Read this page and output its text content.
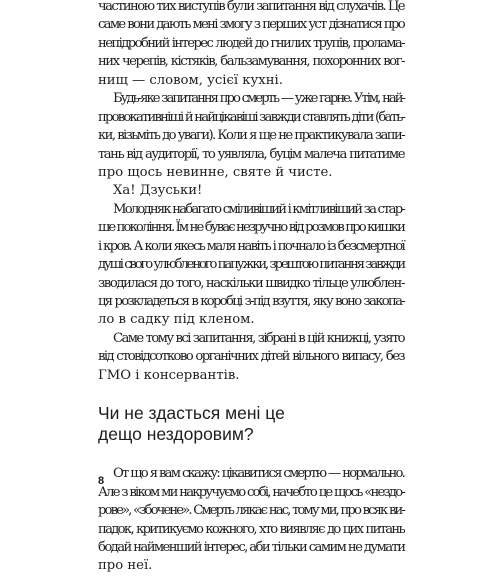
частиною тих виступів були запитання від слухачів. Це
саме вони дають мені змогу з перших уст дізнатися про
непідробний інтерес людей до гнилих трупів, пролама-
них черепів, кістяків, бальзамування, похоронних вог-
нищ — словом, усієї кухні.

Будь-яке запитання про смерть — уже гарне. Утім, най-
провокативніші й найцікавіші завжди ставлять діти (бать-
ки, візьміть до уваги). Коли я ще не практикувала запи-
тань від аудиторії, то уявляла, буцім малеча питатиме
про щось невинне, святе й чисте.

Ха! Дзуськи!

Молодняк набагато сміливіший і кмітливіший за стар-
ше покоління. Їм не буває незручно від розмов про кишки
і кров. А коли якесь маля навіть і почнало із безсмертної
душі свого улюбленого папужки, зрештою питання завжди
зводилася до того, наскільки швидко тільце улюблен-
ця розкладеться в коробці з-під взуття, яку воно закопа-
ло в садку під кленом.

Саме тому всі запитання, зібрані в цій книжці, узято
від стовідсотково органічних дітей вільного випасу, без
ГМО і консервантів.

Чи не здасться мені це
дещо нездоровим?

От що я вам скажу: цікавитися смертю — нормально.
Але з віком ми накручуємо собі, начебто це щось «нездо-
рове», «збочене». Смерть лякає нас, тому ми, про всяк ви-
падок, критикуємо кожного, хто виявляє до цих питань
бодай найменший інтерес, аби тільки самим не думати
про неї.

8
